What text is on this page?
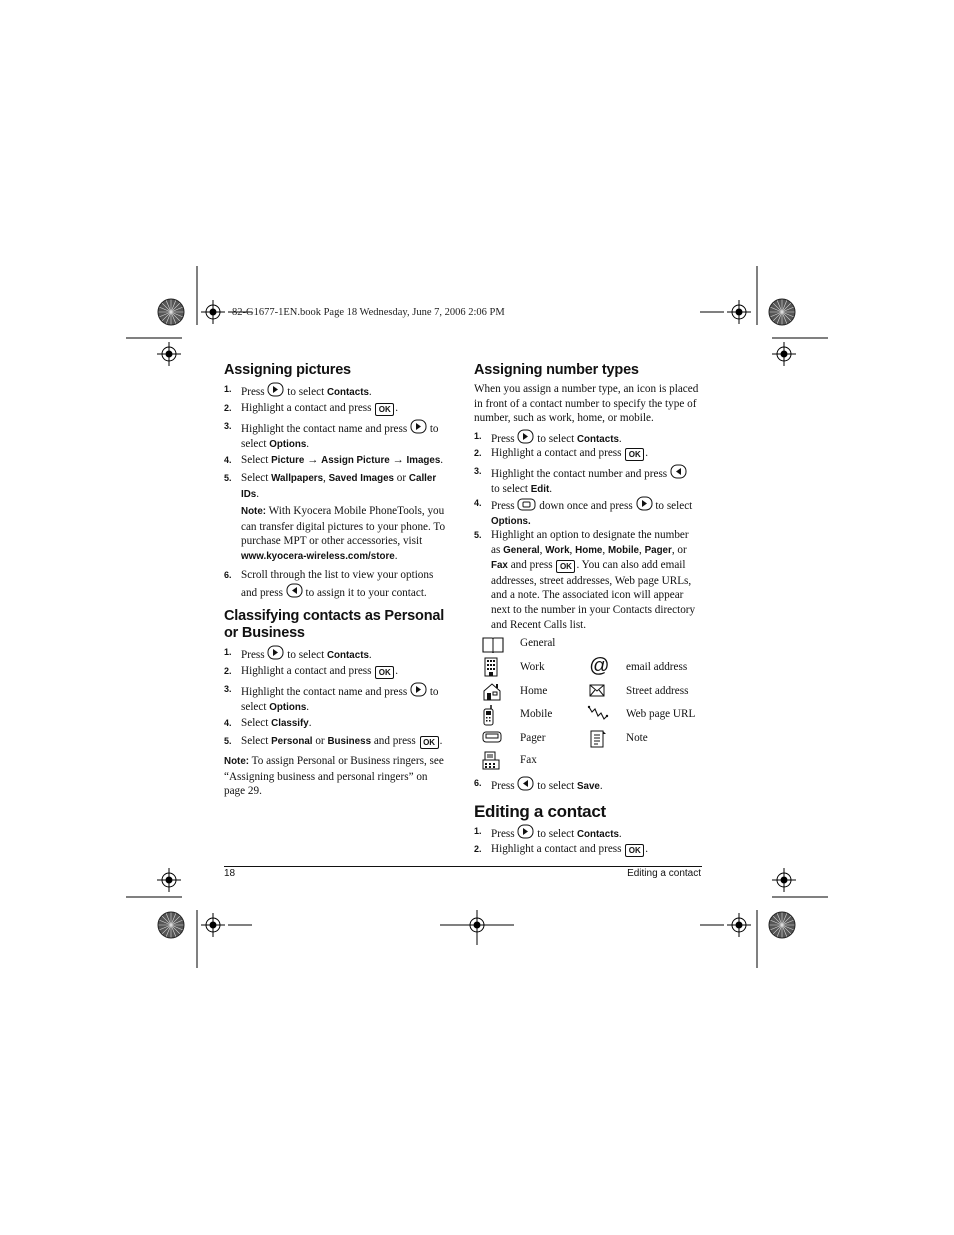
82-G1677-1EN.book Page 18 Wednesday, June 7, 2006 2:06 PM
Assigning pictures
1. Press to select Contacts.
2. Highlight a contact and press OK .
3. Highlight the contact name and press to
select Options.
4. Select Picture → Assign Picture → Images.
5. Select Wallpapers, Saved Images or Caller
IDs.
Note: With Kyocera Mobile PhoneTools, you
can transfer digital pictures to your phone. To
purchase MPT or other accessories, visit
www.kyocera-wireless.com/store.
6. Scroll through the list to view your options
and press to assign it to your contact.
Classifying contacts as Personal
or Business
1. Press to select Contacts.
2. Highlight a contact and press OK .
3. Highlight the contact name and press to
select Options.
4. Select Classify.
5. Select Personal or Business and press OK .
Note: To assign Personal or Business ringers, see
“Assigning business and personal ringers” on
page 29.
Assigning number types
When you assign a number type, an icon is placed
in front of a contact number to specify the type of
number, such as work, home, or mobile.
1. Press to select Contacts.
2. Highlight a contact and press OK .
3. Highlight the contact number and press
to select Edit.
4. Press down once and press to select
Options.
5. Highlight an option to designate the number
as General, Work, Home, Mobile, Pager, or
Fax and press OK . You can also add email
addresses, street addresses, Web page URLs,
and a note. The associated icon will appear
next to the number in your Contacts directory
and Recent Calls list.
General
Work @ email address
Home	Street address
Mobile	Web page URL
Pager	Note
Fax
6. Press to select Save.
Editing a contact
1. Press to select Contacts.
2. Highlight a contact and press OK .
18	Editing a contact
